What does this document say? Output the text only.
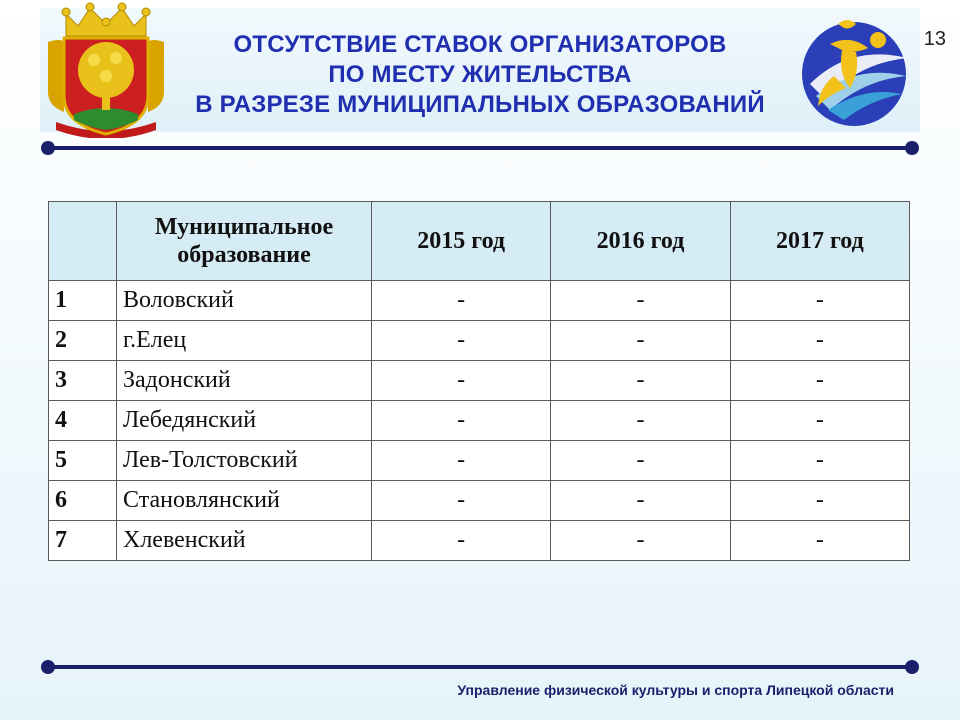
ОТСУТСТВИЕ СТАВОК ОРГАНИЗАТОРОВ
ПО МЕСТУ ЖИТЕЛЬСТВА
В РАЗРЕЗЕ МУНИЦИПАЛЬНЫХ ОБРАЗОВАНИЙ
13
	Муниципальное образование	2015 год	2016 год	2017 год
1	Воловский	-	-	-
2	г.Елец	-	-	-
3	Задонский	-	-	-
4	Лебедянский	-	-	-
5	Лев-Толстовский	-	-	-
6	Становлянский	-	-	-
7	Хлевенский	-	-	-
Управление физической культуры и спорта Липецкой области
